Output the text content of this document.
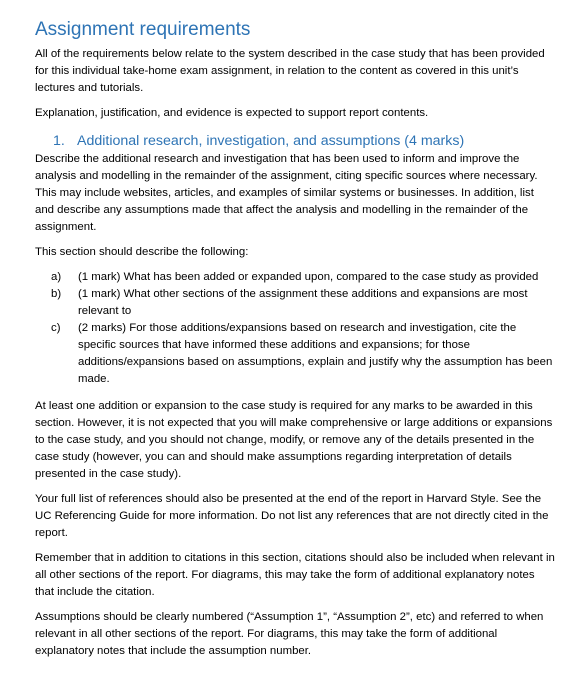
Assignment requirements

All of the requirements below relate to the system described in the case study that has been provided for this individual take-home exam assignment, in relation to the content as covered in this unit’s lectures and tutorials.

Explanation, justification, and evidence is expected to support report contents.

1. Additional research, investigation, and assumptions (4 marks)

Describe the additional research and investigation that has been used to inform and improve the analysis and modelling in the remainder of the assignment, citing specific sources where necessary. This may include websites, articles, and examples of similar systems or businesses. In addition, list and describe any assumptions made that affect the analysis and modelling in the remainder of the assignment.

This section should describe the following:

a)	(1 mark) What has been added or expanded upon, compared to the case study as provided
b)	(1 mark) What other sections of the assignment these additions and expansions are most relevant to
c)	(2 marks) For those additions/expansions based on research and investigation, cite the specific sources that have informed these additions and expansions; for those additions/expansions based on assumptions, explain and justify why the assumption has been made.

At least one addition or expansion to the case study is required for any marks to be awarded in this section. However, it is not expected that you will make comprehensive or large additions or expansions to the case study, and you should not change, modify, or remove any of the details presented in the case study (however, you can and should make assumptions regarding interpretation of details presented in the case study).

Your full list of references should also be presented at the end of the report in Harvard Style. See the UC Referencing Guide for more information. Do not list any references that are not directly cited in the report.

Remember that in addition to citations in this section, citations should also be included when relevant in all other sections of the report. For diagrams, this may take the form of additional explanatory notes that include the citation.

Assumptions should be clearly numbered (“Assumption 1”, “Assumption 2”, etc) and referred to when relevant in all other sections of the report. For diagrams, this may take the form of additional explanatory notes that include the assumption number.
